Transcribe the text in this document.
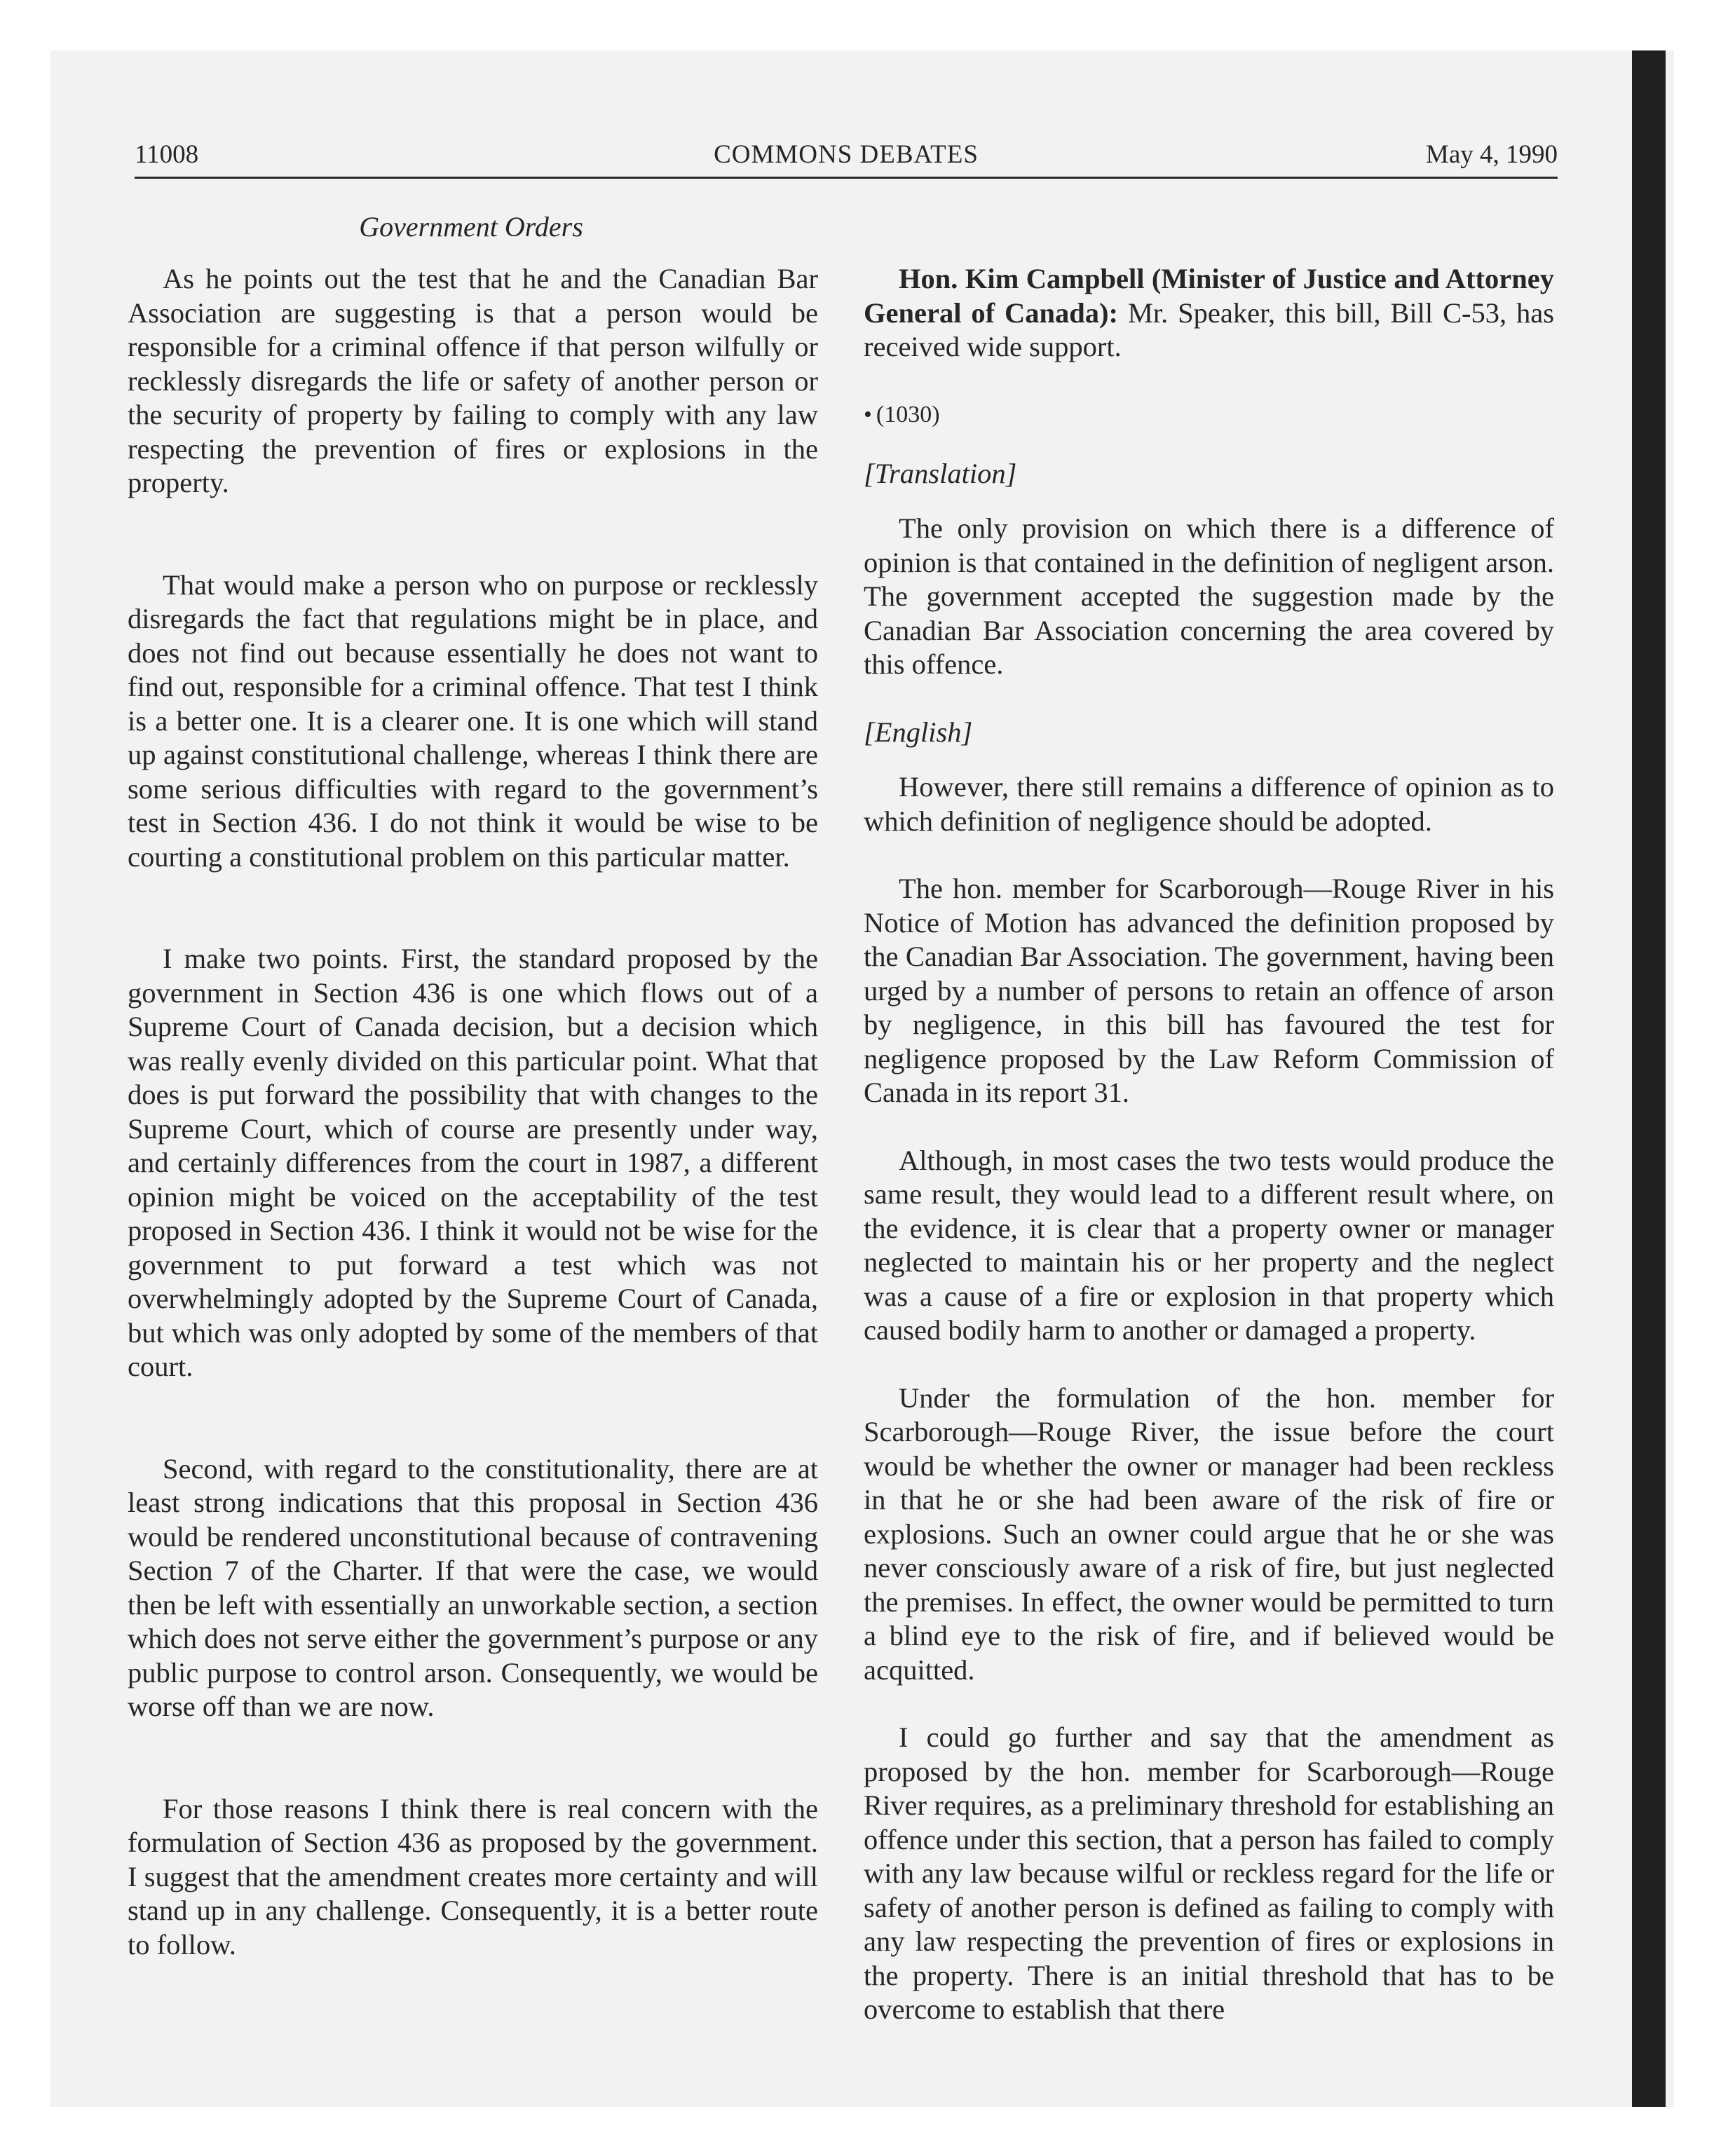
11008	COMMONS DEBATES	May 4, 1990
Government Orders

As he points out the test that he and the Canadian Bar Association are suggesting is that a person would be responsible for a criminal offence if that person wilfully or recklessly disregards the life or safety of another person or the security of property by failing to comply with any law respecting the prevention of fires or explosions in the property.

That would make a person who on purpose or recklessly disregards the fact that regulations might be in place, and does not find out because essentially he does not want to find out, responsible for a criminal offence. That test I think is a better one. It is a clearer one. It is one which will stand up against constitutional challenge, whereas I think there are some serious difficulties with regard to the government’s test in Section 436. I do not think it would be wise to be courting a constitutional problem on this particular matter.

I make two points. First, the standard proposed by the government in Section 436 is one which flows out of a Supreme Court of Canada decision, but a decision which was really evenly divided on this particular point. What that does is put forward the possibility that with changes to the Supreme Court, which of course are presently under way, and certainly differences from the court in 1987, a different opinion might be voiced on the acceptability of the test proposed in Section 436. I think it would not be wise for the government to put forward a test which was not overwhelmingly adopted by the Supreme Court of Canada, but which was only adopted by some of the members of that court.

Second, with regard to the constitutionality, there are at least strong indications that this proposal in Section 436 would be rendered unconstitutional because of contravening Section 7 of the Charter. If that were the case, we would then be left with essentially an unworkable section, a section which does not serve either the government’s purpose or any public purpose to control arson. Consequently, we would be worse off than we are now.

For those reasons I think there is real concern with the formulation of Section 436 as proposed by the government. I suggest that the amendment creates more certainty and will stand up in any challenge. Consequently, it is a better route to follow.

Hon. Kim Campbell (Minister of Justice and Attorney General of Canada): Mr. Speaker, this bill, Bill C-53, has received wide support.

• (1030)
[Translation]

The only provision on which there is a difference of opinion is that contained in the definition of negligent arson. The government accepted the suggestion made by the Canadian Bar Association concerning the area covered by this offence.

[English]

However, there still remains a difference of opinion as to which definition of negligence should be adopted.

The hon. member for Scarborough—Rouge River in his Notice of Motion has advanced the definition proposed by the Canadian Bar Association. The government, having been urged by a number of persons to retain an offence of arson by negligence, in this bill has favoured the test for negligence proposed by the Law Reform Commission of Canada in its report 31.

Although, in most cases the two tests would produce the same result, they would lead to a different result where, on the evidence, it is clear that a property owner or manager neglected to maintain his or her property and the neglect was a cause of a fire or explosion in that property which caused bodily harm to another or damaged a property.

Under the formulation of the hon. member for Scarborough—Rouge River, the issue before the court would be whether the owner or manager had been reckless in that he or she had been aware of the risk of fire or explosions. Such an owner could argue that he or she was never consciously aware of a risk of fire, but just neglected the premises. In effect, the owner would be permitted to turn a blind eye to the risk of fire, and if believed would be acquitted.

I could go further and say that the amendment as proposed by the hon. member for Scarborough—Rouge River requires, as a preliminary threshold for establishing an offence under this section, that a person has failed to comply with any law because wilful or reckless regard for the life or safety of another person is defined as failing to comply with any law respecting the prevention of fires or explosions in the property. There is an initial threshold that has to be overcome to establish that there
